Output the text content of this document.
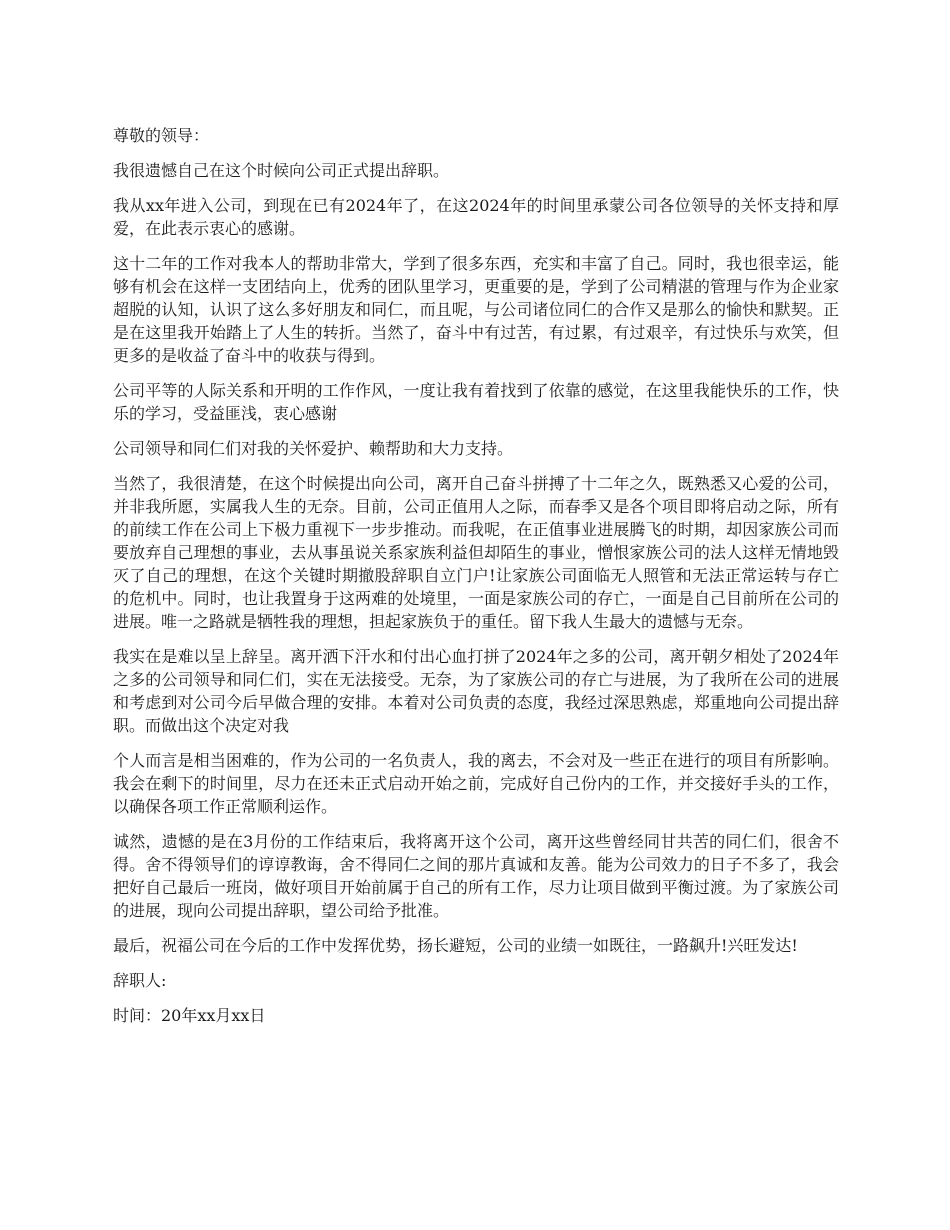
尊敬的领导：

我很遗憾自己在这个时候向公司正式提出辞职。

我从xx年进入公司，到现在已有2024年了，在这2024年的时间里承蒙公司各位领导的关怀支持和厚爱，在此表示衷心的感谢。

这十二年的工作对我本人的帮助非常大，学到了很多东西，充实和丰富了自己。同时，我也很幸运，能够有机会在这样一支团结向上，优秀的团队里学习，更重要的是，学到了公司精湛的管理与作为企业家超脱的认知，认识了这么多好朋友和同仁，而且呢，与公司诸位同仁的合作又是那么的愉快和默契。正是在这里我开始踏上了人生的转折。当然了，奋斗中有过苦，有过累，有过艰辛，有过快乐与欢笑，但更多的是收益了奋斗中的收获与得到。

公司平等的人际关系和开明的工作作风，一度让我有着找到了依靠的感觉，在这里我能快乐的工作，快乐的学习，受益匪浅，衷心感谢

公司领导和同仁们对我的关怀爱护、赖帮助和大力支持。

当然了，我很清楚，在这个时候提出向公司，离开自己奋斗拼搏了十二年之久，既熟悉又心爱的公司，并非我所愿，实属我人生的无奈。目前，公司正值用人之际，而春季又是各个项目即将启动之际，所有的前续工作在公司上下极力重视下一步步推动。而我呢，在正值事业进展腾飞的时期，却因家族公司而要放弃自己理想的事业，去从事虽说关系家族利益但却陌生的事业，憎恨家族公司的法人这样无情地毁灭了自己的理想，在这个关键时期撤股辞职自立门户!让家族公司面临无人照管和无法正常运转与存亡的危机中。同时，也让我置身于这两难的处境里，一面是家族公司的存亡，一面是自己目前所在公司的进展。唯一之路就是牺牲我的理想，担起家族负于的重任。留下我人生最大的遗憾与无奈。

我实在是难以呈上辞呈。离开洒下汗水和付出心血打拼了2024年之多的公司，离开朝夕相处了2024年之多的公司领导和同仁们，实在无法接受。无奈，为了家族公司的存亡与进展，为了我所在公司的进展和考虑到对公司今后早做合理的安排。本着对公司负责的态度，我经过深思熟虑，郑重地向公司提出辞职。而做出这个决定对我

个人而言是相当困难的，作为公司的一名负责人，我的离去，不会对及一些正在进行的项目有所影响。我会在剩下的时间里，尽力在还未正式启动开始之前，完成好自己份内的工作，并交接好手头的工作，以确保各项工作正常顺利运作。

诚然，遗憾的是在3月份的工作结束后，我将离开这个公司，离开这些曾经同甘共苦的同仁们，很舍不得。舍不得领导们的谆谆教诲，舍不得同仁之间的那片真诚和友善。能为公司效力的日子不多了，我会把好自己最后一班岗，做好项目开始前属于自己的所有工作，尽力让项目做到平衡过渡。为了家族公司的进展，现向公司提出辞职，望公司给予批准。

最后，祝福公司在今后的工作中发挥优势，扬长避短，公司的业绩一如既往，一路飙升!兴旺发达!

辞职人:

时间：20年xx月xx日
